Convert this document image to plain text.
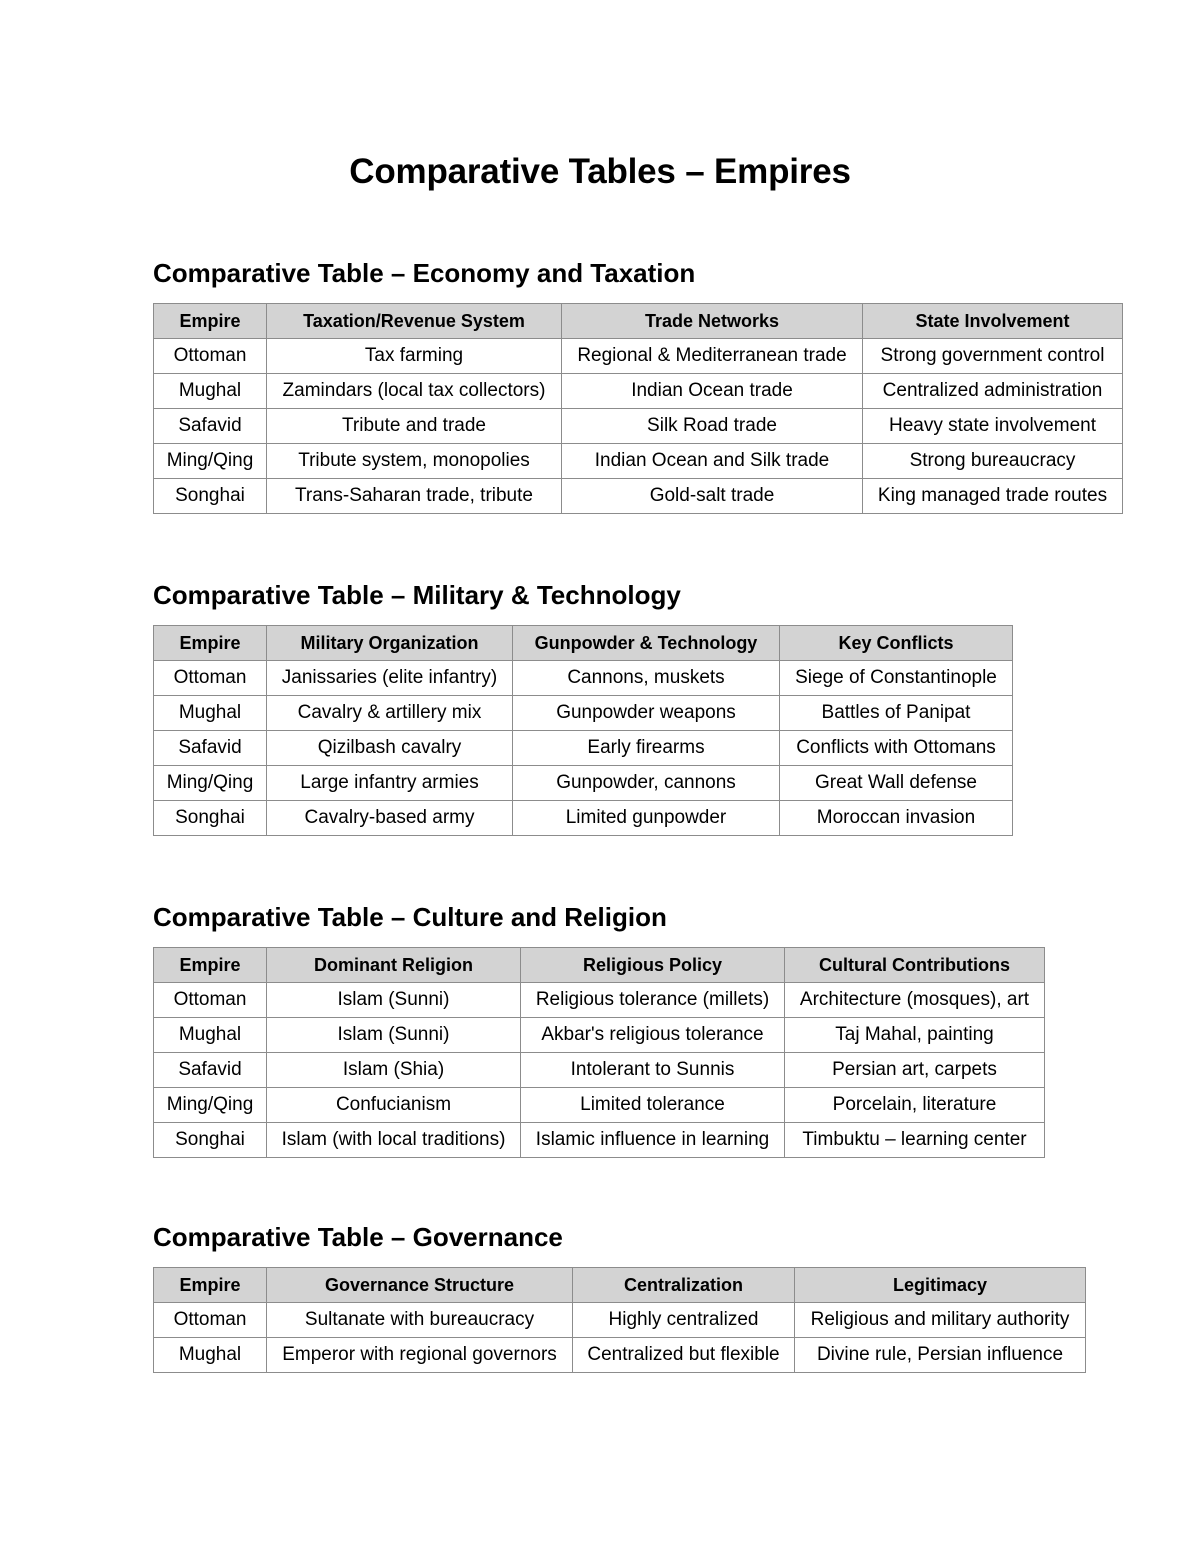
Comparative Tables – Empires
Comparative Table – Economy and Taxation
Empire	Taxation/Revenue System	Trade Networks	State Involvement
Ottoman	Tax farming	Regional & Mediterranean trade	Strong government control
Mughal	Zamindars (local tax collectors)	Indian Ocean trade	Centralized administration
Safavid	Tribute and trade	Silk Road trade	Heavy state involvement
Ming/Qing	Tribute system, monopolies	Indian Ocean and Silk trade	Strong bureaucracy
Songhai	Trans-Saharan trade, tribute	Gold-salt trade	King managed trade routes
Comparative Table – Military & Technology
Empire	Military Organization	Gunpowder & Technology	Key Conflicts
Ottoman	Janissaries (elite infantry)	Cannons, muskets	Siege of Constantinople
Mughal	Cavalry & artillery mix	Gunpowder weapons	Battles of Panipat
Safavid	Qizilbash cavalry	Early firearms	Conflicts with Ottomans
Ming/Qing	Large infantry armies	Gunpowder, cannons	Great Wall defense
Songhai	Cavalry-based army	Limited gunpowder	Moroccan invasion
Comparative Table – Culture and Religion
Empire	Dominant Religion	Religious Policy	Cultural Contributions
Ottoman	Islam (Sunni)	Religious tolerance (millets)	Architecture (mosques), art
Mughal	Islam (Sunni)	Akbar's religious tolerance	Taj Mahal, painting
Safavid	Islam (Shia)	Intolerant to Sunnis	Persian art, carpets
Ming/Qing	Confucianism	Limited tolerance	Porcelain, literature
Songhai	Islam (with local traditions)	Islamic influence in learning	Timbuktu – learning center
Comparative Table – Governance
Empire	Governance Structure	Centralization	Legitimacy
Ottoman	Sultanate with bureaucracy	Highly centralized	Religious and military authority
Mughal	Emperor with regional governors	Centralized but flexible	Divine rule, Persian influence
